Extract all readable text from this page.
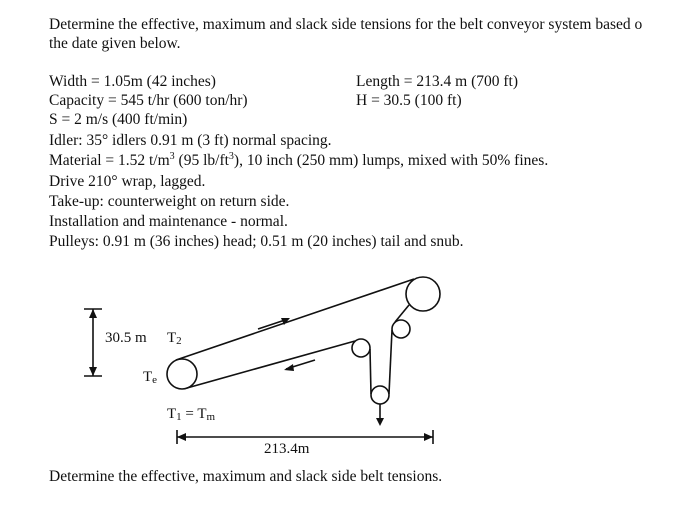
Determine the effective, maximum and slack side tensions for the belt conveyor system based o
the date given below.
Width = 1.05m (42 inches)	Length = 213.4 m (700 ft)
Capacity = 545 t/hr (600 ton/hr)	H = 30.5 (100 ft)
S = 2 m/s (400 ft/min)
Idler: 35° idlers 0.91 m (3 ft) normal spacing.
Material = 1.52 $t/m^3$ (95 $lb/ft^3$), 10 inch (250 mm) lumps, mixed with 50% fines.
Drive 210° wrap, lagged.
Take-up: counterweight on return side.
Installation and maintenance - normal.
Pulleys: 0.91 m (36 inches) head; 0.51 m (20 inches) tail and snub.
30.5 m $T_2$
$T_e$
$T_1 = T_m$
213.4m
Determine the effective, maximum and slack side belt tensions.
